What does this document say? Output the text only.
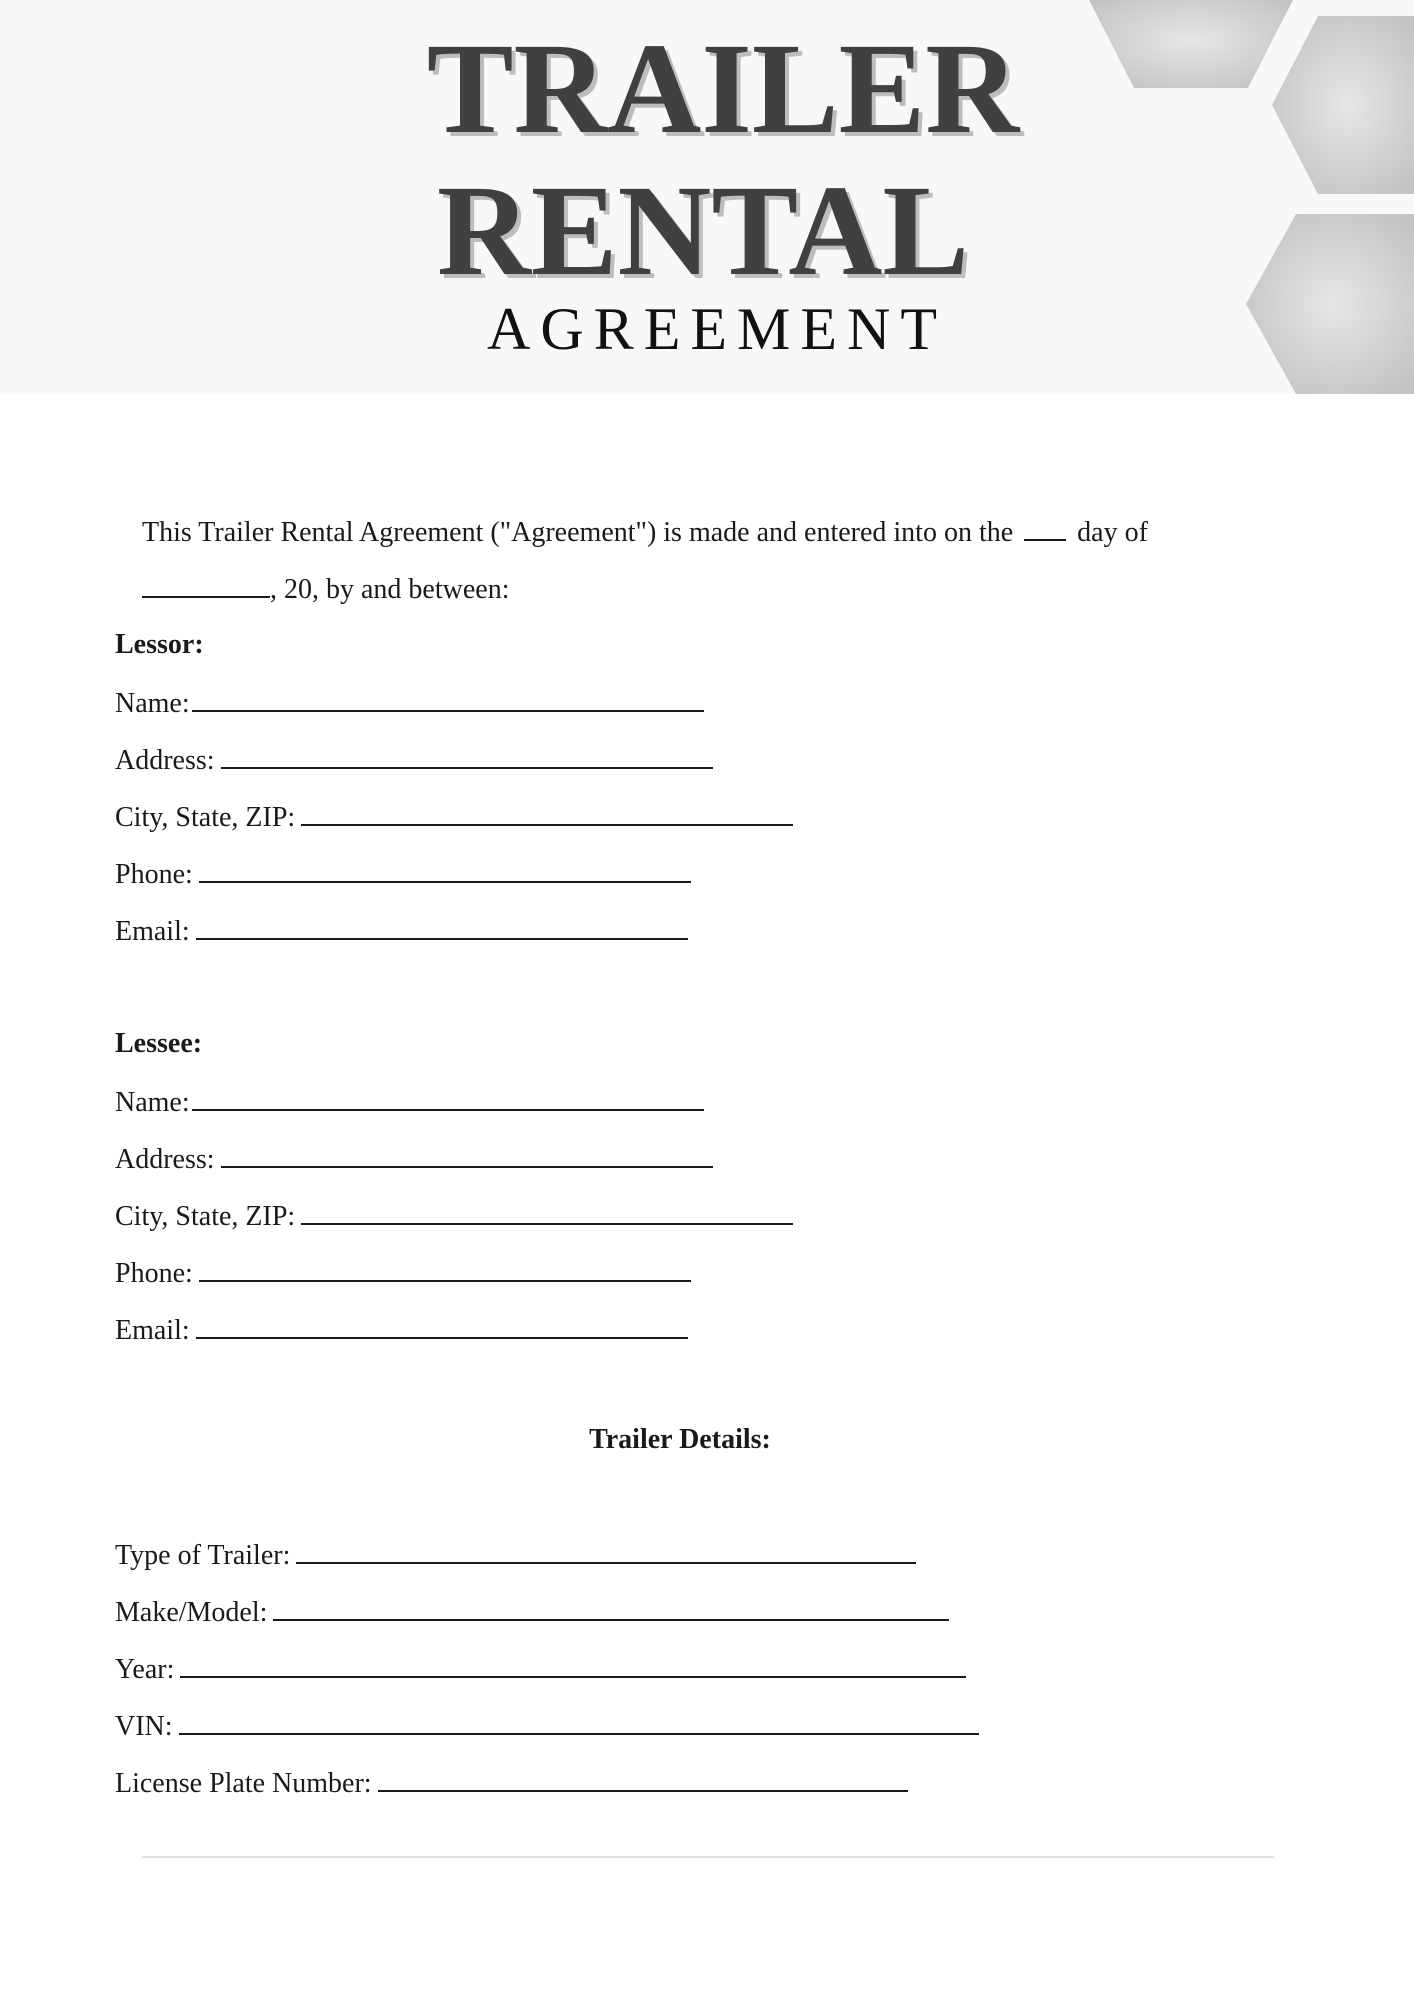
TRAILER
RENTAL
AGREEMENT
This Trailer Rental Agreement ("Agreement") is made and entered into on the day of
, 20, by and between:
Lessor:
Name:
Address:
City, State, ZIP:
Phone:
Email:
Lessee:
Name:
Address:
City, State, ZIP:
Phone:
Email:
Trailer Details:
Type of Trailer:
Make/Model:
Year:
VIN:
License Plate Number:
